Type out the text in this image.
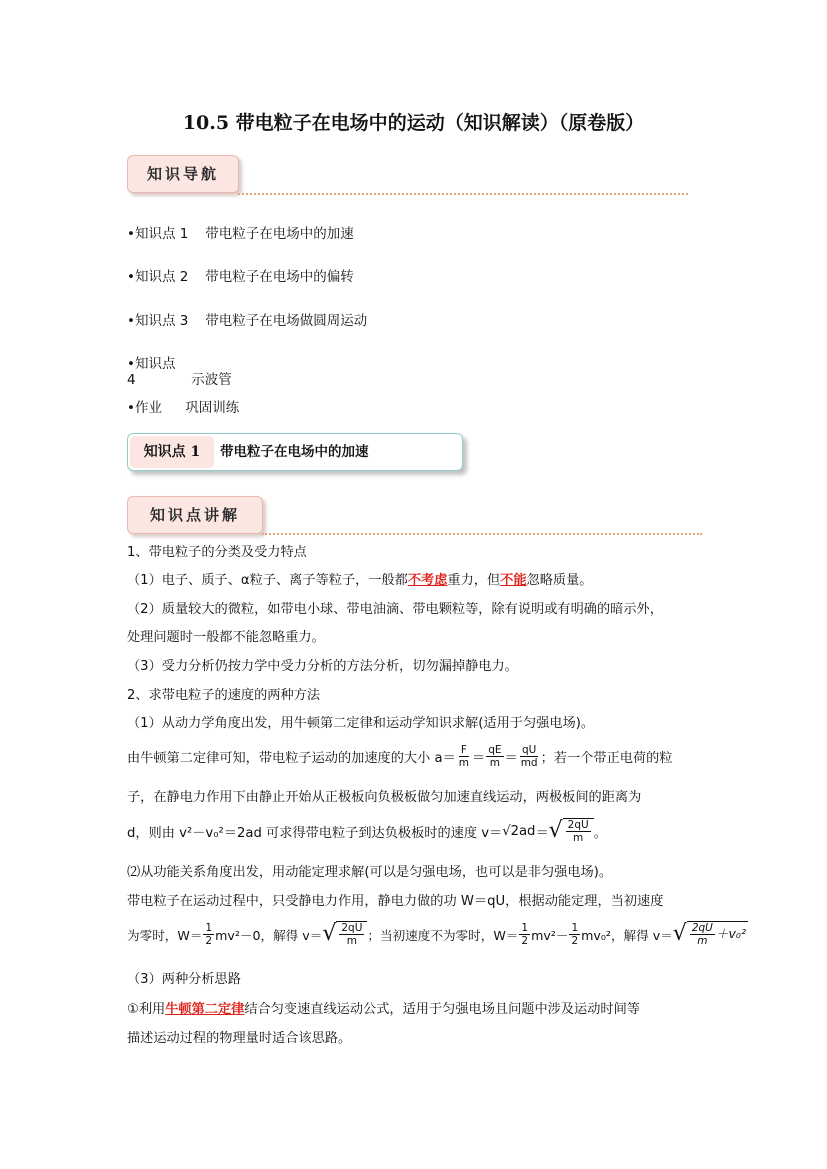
10.5 带电粒子在电场中的运动（知识解读）（原卷版）
知识导航
•知识点 1 带电粒子在电场中的加速
•知识点 2 带电粒子在电场中的偏转
•知识点 3 带电粒子在电场做圆周运动
•知识点 4	示波管
•作业 巩固训练
知识点 1	带电粒子在电场中的加速
知识点讲解
1、带电粒子的分类及受力特点
（1）电子、质子、α粒子、离子等粒子，一般都不考虑重力，但不能忽略质量。
（2）质量较大的微粒，如带电小球、带电油滴、带电颗粒等，除有说明或有明确的暗示外，
处理问题时一般都不能忽略重力。
（3）受力分析仍按力学中受力分析的方法分析，切勿漏掉静电力。
2、求带电粒子的速度的两种方法
（1）从动力学角度出发，用牛顿第二定律和运动学知识求解(适用于匀强电场)。
由牛顿第二定律可知，带电粒子运动的加速度的大小 $a= \frac{F}{m} = \frac{qE}{m} = \frac{qU}{md}$ ；若一个带正电荷的粒
子，在静电力作用下由静止开始从正极板向负极板做匀加速直线运动，两极板间的距离为
d，则由 v²－v₀²＝2ad 可求得带电粒子到达负极板时的速度 v＝ √2ad ＝ √ $\frac{2qU}{m}$ 。
⑵从功能关系角度出发，用动能定理求解(可以是匀强电场，也可以是非匀强电场)。
带电粒子在运动过程中，只受静电力作用，静电力做的功 W＝qU，根据动能定理，当初速度
为零时，$W= \frac{1}{2} mv^2-0$，解得 v＝ √ $\frac{2qU}{m}$ ；当初速度不为零时，$W= \frac{1}{2} mv^2- \frac{1}{2} mv_0^2$，解得 v＝ √ $\frac{2qU}{m} +v_0^2$
（3）两种分析思路
①利用牛顿第二定律结合匀变速直线运动公式，适用于匀强电场且问题中涉及运动时间等
描述运动过程的物理量时适合该思路。
